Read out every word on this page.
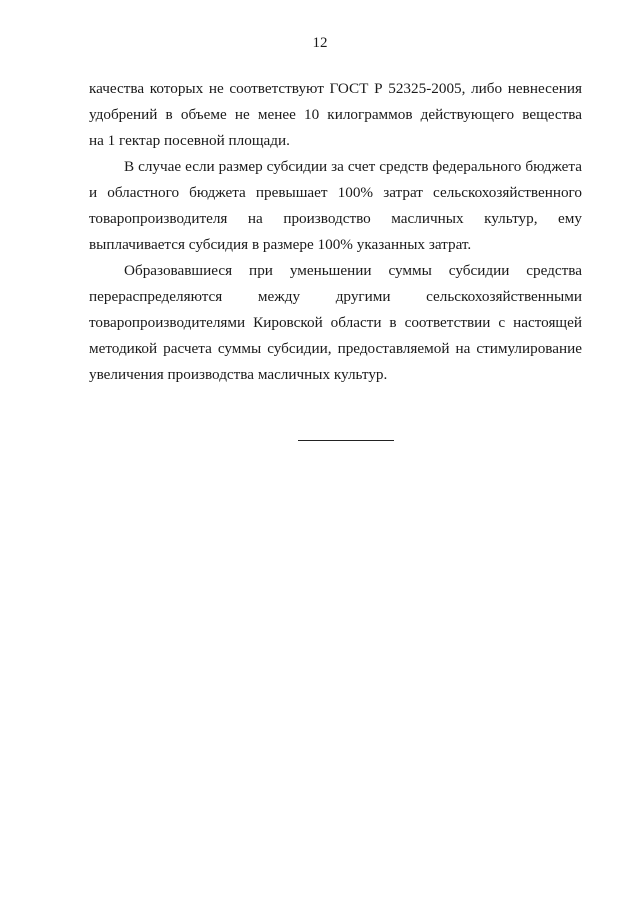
12
качества которых не соответствуют ГОСТ Р 52325-2005, либо невнесения
удобрений в объеме не менее 10 килограммов действующего вещества
на 1 гектар посевной площади.
В случае если размер субсидии за счет средств федерального бюджета
и областного бюджета превышает 100% затрат сельскохозяйственного
товаропроизводителя на производство масличных культур, ему
выплачивается субсидия в размере 100% указанных затрат.
Образовавшиеся при уменьшении суммы субсидии средства
перераспределяются между другими сельскохозяйственными
товаропроизводителями Кировской области в соответствии с настоящей
методикой расчета суммы субсидии, предоставляемой на стимулирование
увеличения производства масличных культур.
